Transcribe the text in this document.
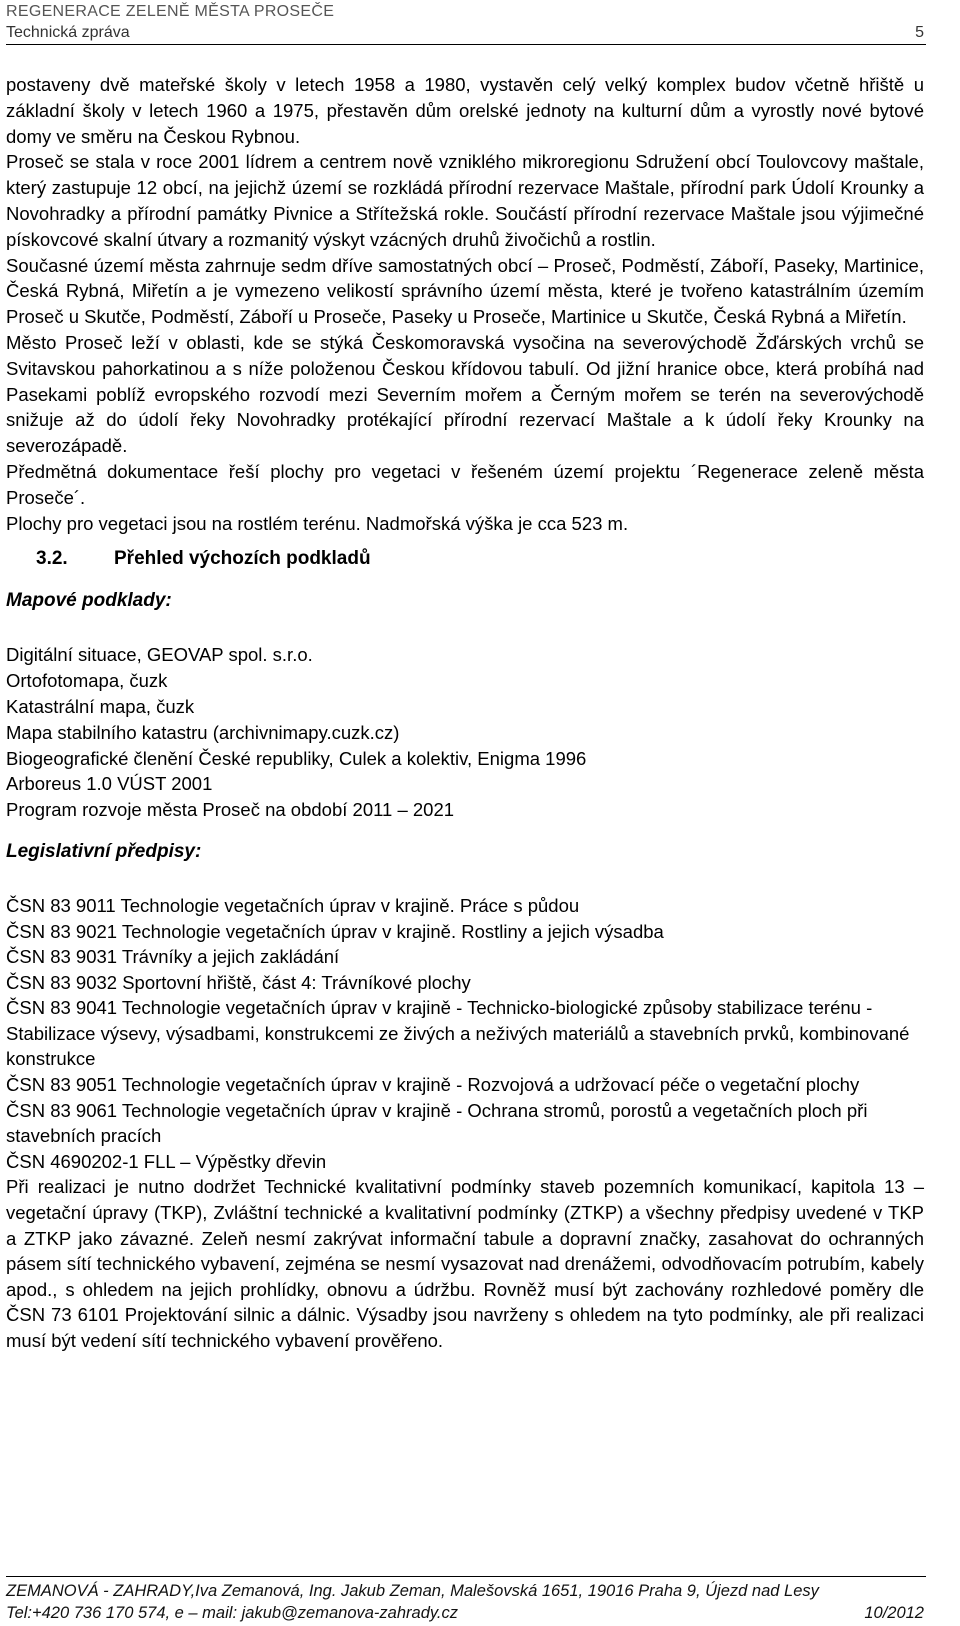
REGENERACE ZELENĚ MĚSTA PROSEČE
Technická zpráva	5

postaveny dvě mateřské školy v letech 1958 a 1980, vystavěn celý velký komplex budov včetně hřiště u základní školy v letech 1960 a 1975, přestavěn dům orelské jednoty na kulturní dům a vyrostly nové bytové domy ve směru na Českou Rybnou.

Proseč se stala v roce 2001 lídrem a centrem nově vzniklého mikroregionu Sdružení obcí Toulovcovy maštale, který zastupuje 12 obcí, na jejichž území se rozkládá přírodní rezervace Maštale, přírodní park Údolí Krounky a Novohradky a přírodní památky Pivnice a Střítežská rokle. Součástí přírodní rezervace Maštale jsou výjimečné pískovcové skalní útvary a rozmanitý výskyt vzácných druhů živočichů a rostlin.

Současné území města zahrnuje sedm dříve samostatných obcí – Proseč, Podměstí, Záboří, Paseky, Martinice, Česká Rybná, Miřetín a je vymezeno velikostí správního území města, které je tvořeno katastrálním územím Proseč u Skutče, Podměstí, Záboří u Proseče, Paseky u Proseče, Martinice u Skutče, Česká Rybná a Miřetín.

Město Proseč leží v oblasti, kde se stýká Českomoravská vysočina na severovýchodě Žďárských vrchů se Svitavskou pahorkatinou a s níže položenou Českou křídovou tabulí. Od jižní hranice obce, která probíhá nad Pasekami poblíž evropského rozvodí mezi Severním mořem a Černým mořem se terén na severovýchodě snižuje až do údolí řeky Novohradky protékající přírodní rezervací Maštale a k údolí řeky Krounky na severozápadě.

Předmětná dokumentace řeší plochy pro vegetaci v řešeném území projektu ´Regenerace zeleně města Proseče´.

Plochy pro vegetaci jsou na rostlém terénu. Nadmořská výška je cca 523 m.

3.2. Přehled výchozích podkladů
Mapové podklady:
Digitální situace, GEOVAP spol. s.r.o.
Ortofotomapa, čuzk
Katastrální mapa, čuzk
Mapa stabilního katastru (archivnimapy.cuzk.cz)
Biogeografické členění České republiky, Culek a kolektiv, Enigma 1996
Arboreus 1.0 VÚST 2001
Program rozvoje města Proseč na období 2011 – 2021
Legislativní předpisy:
ČSN 83 9011 Technologie vegetačních úprav v krajině. Práce s půdou
ČSN 83 9021 Technologie vegetačních úprav v krajině. Rostliny a jejich výsadba
ČSN 83 9031 Trávníky a jejich zakládání
ČSN 83 9032 Sportovní hřiště, část 4: Trávníkové plochy
ČSN 83 9041 Technologie vegetačních úprav v krajině - Technicko-biologické způsoby stabilizace terénu - Stabilizace výsevy, výsadbami, konstrukcemi ze živých a neživých materiálů a stavebních prvků, kombinované konstrukce
ČSN 83 9051 Technologie vegetačních úprav v krajině - Rozvojová a udržovací péče o vegetační plochy
ČSN 83 9061 Technologie vegetačních úprav v krajině - Ochrana stromů, porostů a vegetačních ploch při stavebních pracích
ČSN 4690202-1 FLL – Výpěstky dřevin

Při realizaci je nutno dodržet Technické kvalitativní podmínky staveb pozemních komunikací, kapitola 13 – vegetační úpravy (TKP), Zvláštní technické a kvalitativní podmínky (ZTKP) a všechny předpisy uvedené v TKP a ZTKP jako závazné. Zeleň nesmí zakrývat informační tabule a dopravní značky, zasahovat do ochranných pásem sítí technického vybavení, zejména se nesmí vysazovat nad drenážemi, odvodňovacím potrubím, kabely apod., s ohledem na jejich prohlídky, obnovu a údržbu. Rovněž musí být zachovány rozhledové poměry dle ČSN 73 6101 Projektování silnic a dálnic. Výsadby jsou navrženy s ohledem na tyto podmínky, ale při realizaci musí být vedení sítí technického vybavení prověřeno.

ZEMANOVÁ - ZAHRADY,Iva Zemanová, Ing. Jakub Zeman, Malešovská 1651, 19016 Praha 9, Újezd nad Lesy
Tel:+420 736 170 574, e – mail: jakub@zemanova-zahrady.cz	10/2012
